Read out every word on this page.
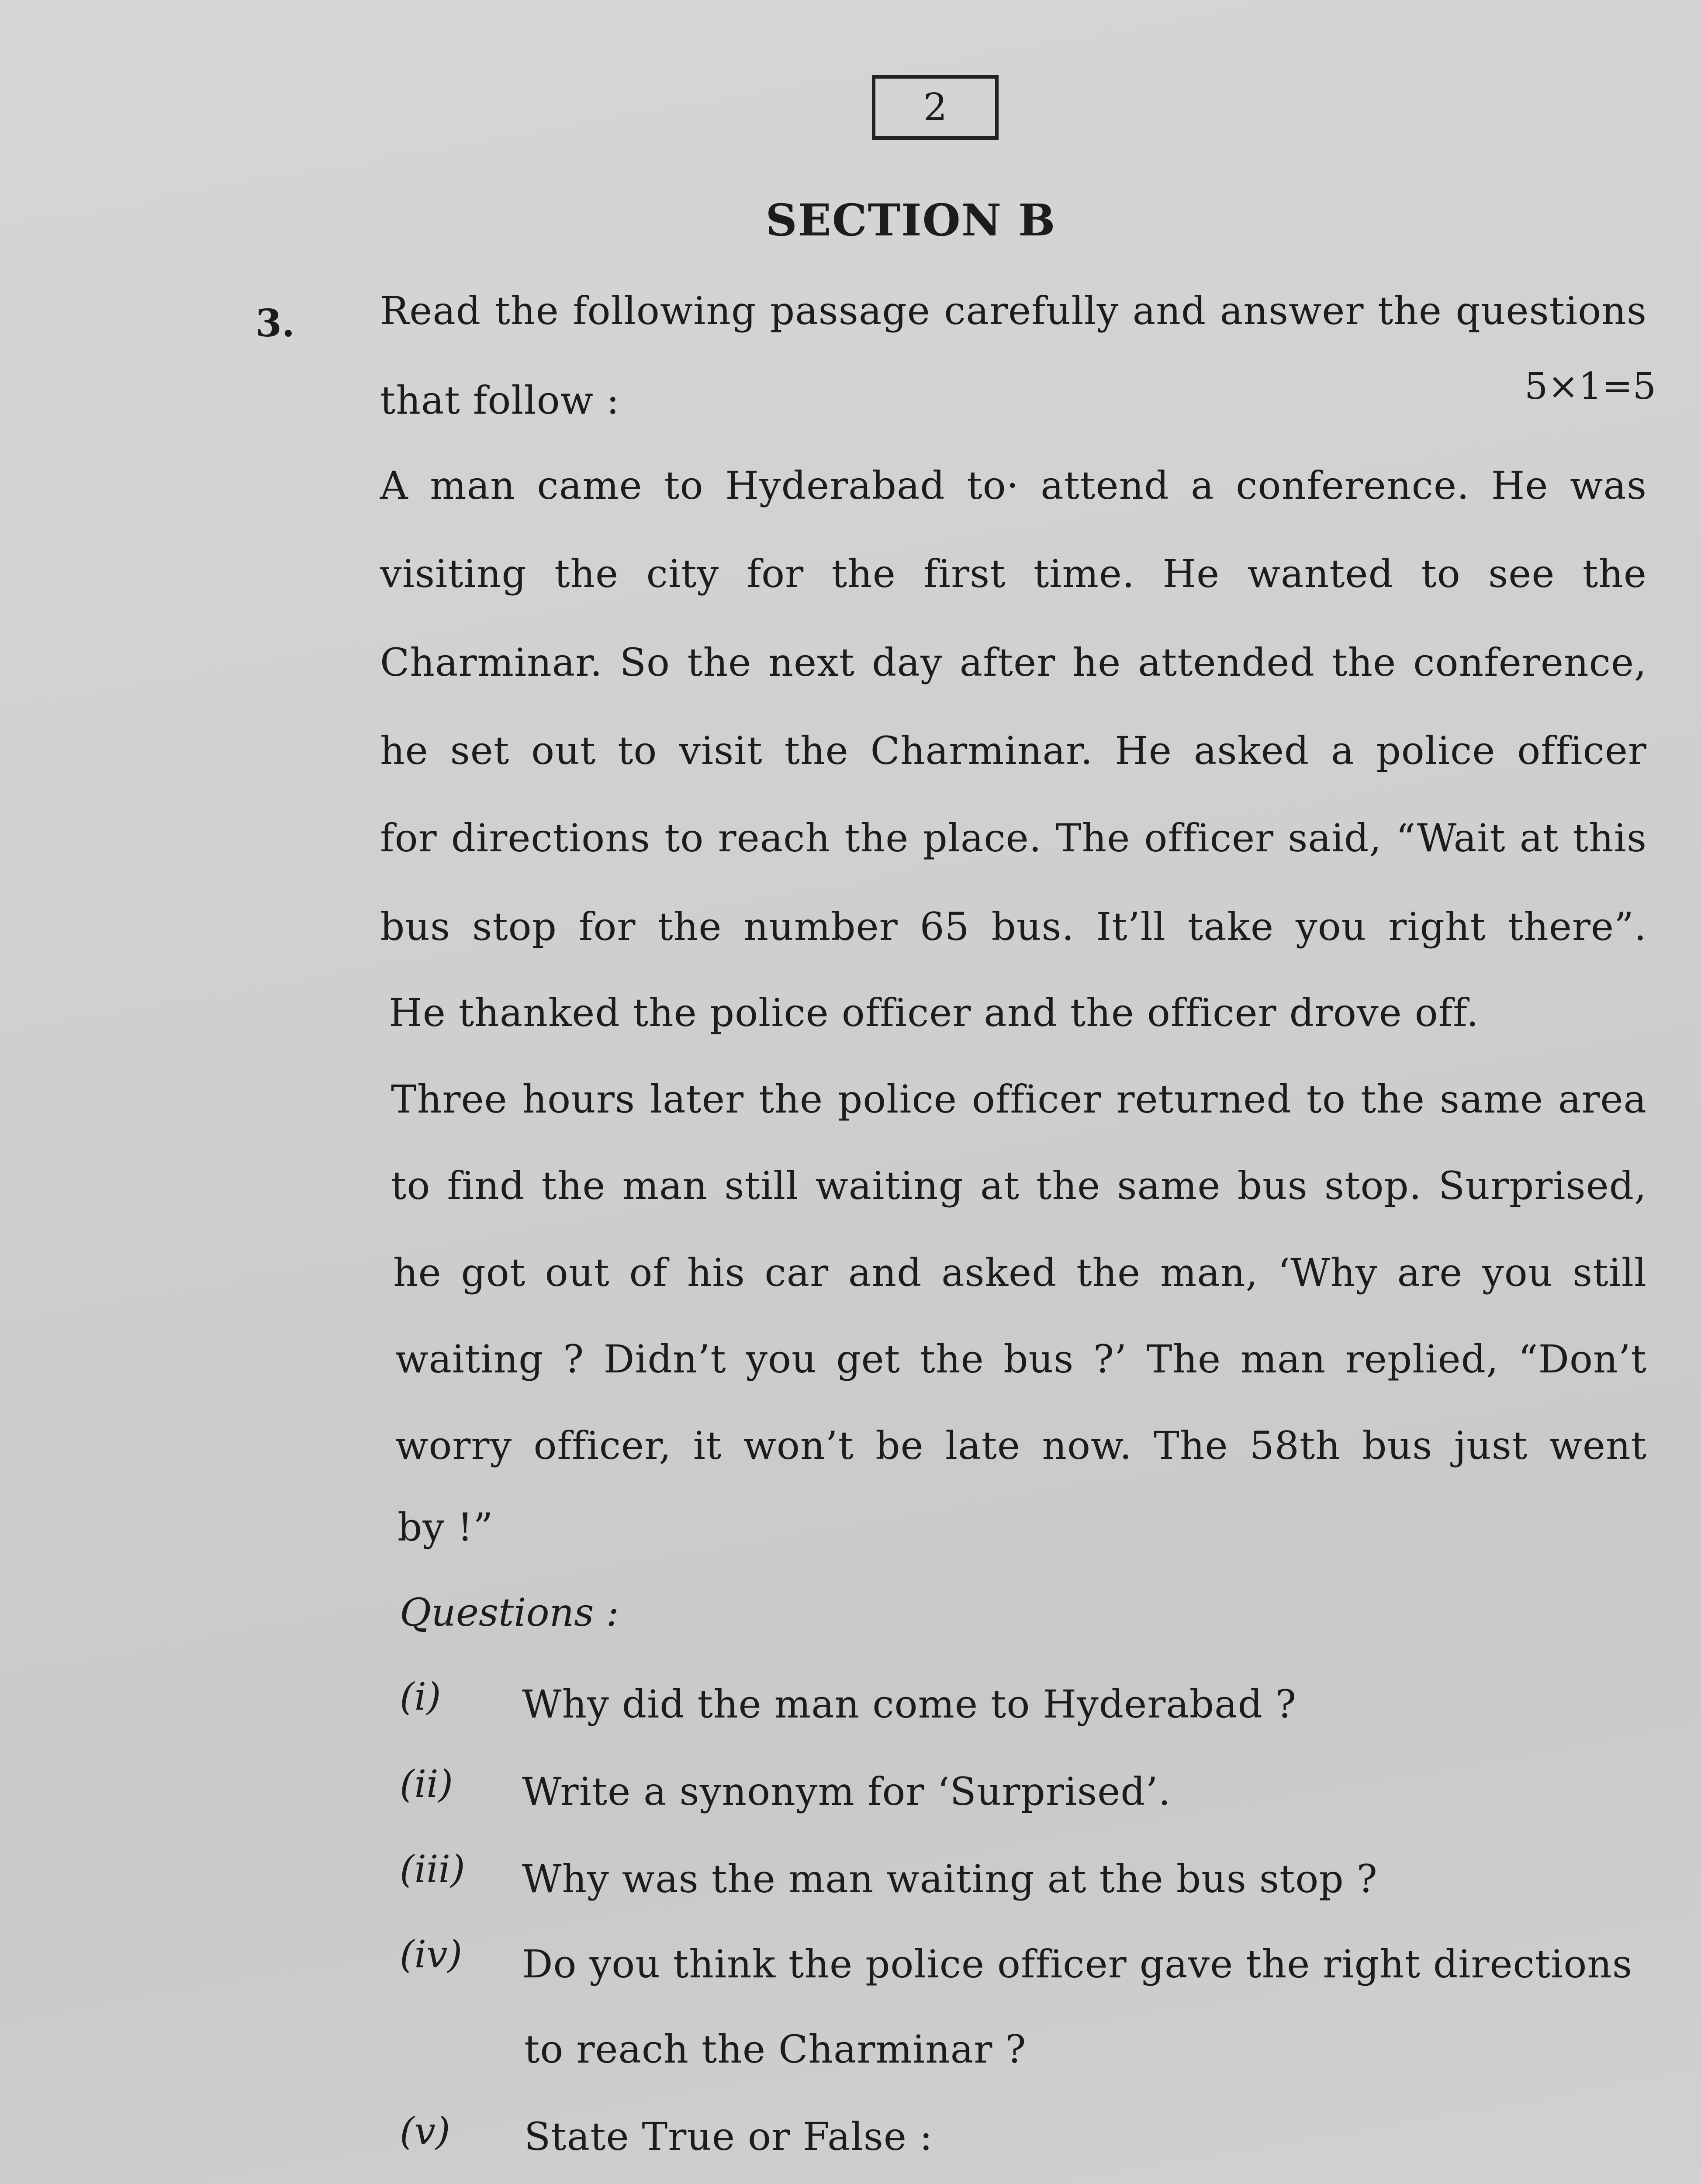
2
SECTION B
3. Read the following passage carefully and answer the questions
that follow :	5×1=5
A man came to Hyderabad to· attend a conference. He was
visiting the city for the first time. He wanted to see the
Charminar. So the next day after he attended the conference,
he set out to visit the Charminar. He asked a police officer
for directions to reach the place. The officer said, “Wait at this
bus stop for the number 65 bus. It’ll take you right there”.
He thanked the police officer and the officer drove off.
Three hours later the police officer returned to the same area
to find the man still waiting at the same bus stop. Surprised,
he got out of his car and asked the man, ‘Why are you still
waiting ? Didn’t you get the bus ?’ The man replied, “Don’t
worry officer, it won’t be late now. The 58th bus just went
by !”
Questions :
(i) Why did the man come to Hyderabad ?
(ii) Write a synonym for ‘Surprised’.
(iii) Why was the man waiting at the bus stop ?
(iv) Do you think the police officer gave the right directions
to reach the Charminar ?
(v) State True or False :
